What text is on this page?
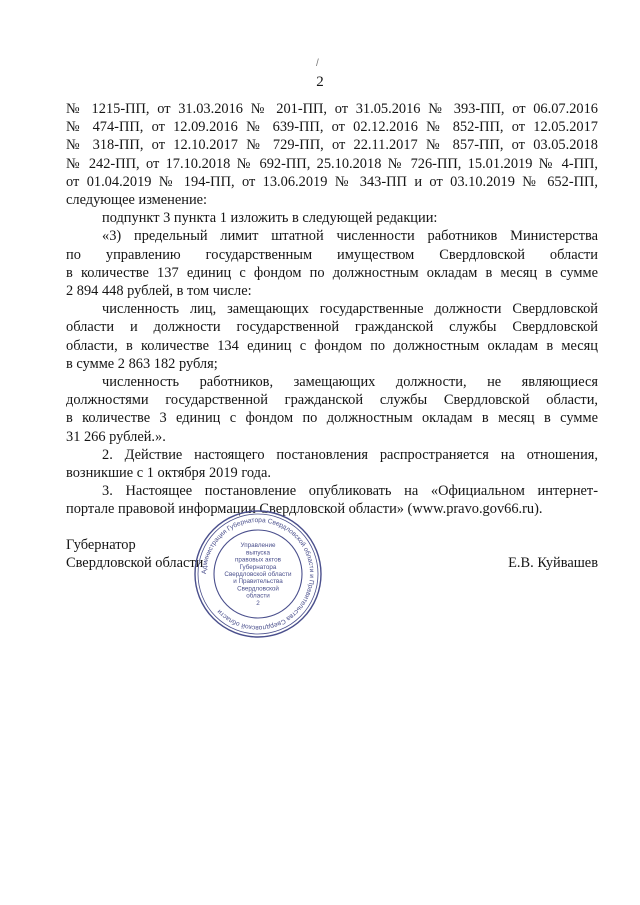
2

№ 1215-ПП, от 31.03.2016 № 201-ПП, от 31.05.2016 № 393-ПП, от 06.07.2016

№ 474-ПП, от 12.09.2016 № 639-ПП, от 02.12.2016 № 852-ПП, от 12.05.2017

№ 318-ПП, от 12.10.2017 № 729-ПП, от 22.11.2017 № 857-ПП, от 03.05.2018

№ 242-ПП, от 17.10.2018 № 692-ПП, 25.10.2018 № 726-ПП, 15.01.2019 № 4-ПП,

от 01.04.2019 № 194-ПП, от 13.06.2019 № 343-ПП и от 03.10.2019 № 652-ПП,

следующее изменение:

подпункт 3 пункта 1 изложить в следующей редакции:

«3) предельный лимит штатной численности работников Министерства

по управлению государственным имуществом Свердловской области

в количестве 137 единиц с фондом по должностным окладам в месяц в сумме

2 894 448 рублей, в том числе:

численность лиц, замещающих государственные должности Свердловской

области и должности государственной гражданской службы Свердловской

области, в количестве 134 единиц с фондом по должностным окладам в месяц

в сумме 2 863 182 рубля;

численность работников, замещающих должности, не являющиеся

должностями государственной гражданской службы Свердловской области,

в количестве 3 единиц с фондом по должностным окладам в месяц в сумме

31 266 рублей.».

2. Действие настоящего постановления распространяется на отношения,

возникшие с 1 октября 2019 года.

3. Настоящее постановление опубликовать на «Официальном интернет-

портале правовой информации Свердловской области» (www.pravo.gov66.ru).

Губернатор
Свердловской области
Администрация Губернатора Свердловской области и Правительства Свердловской области
Управление
выпуска
правовых актов
Губернатора
Свердловской области
и Правительства
Свердловской
области
2
Е.В. Куйвашев
/
